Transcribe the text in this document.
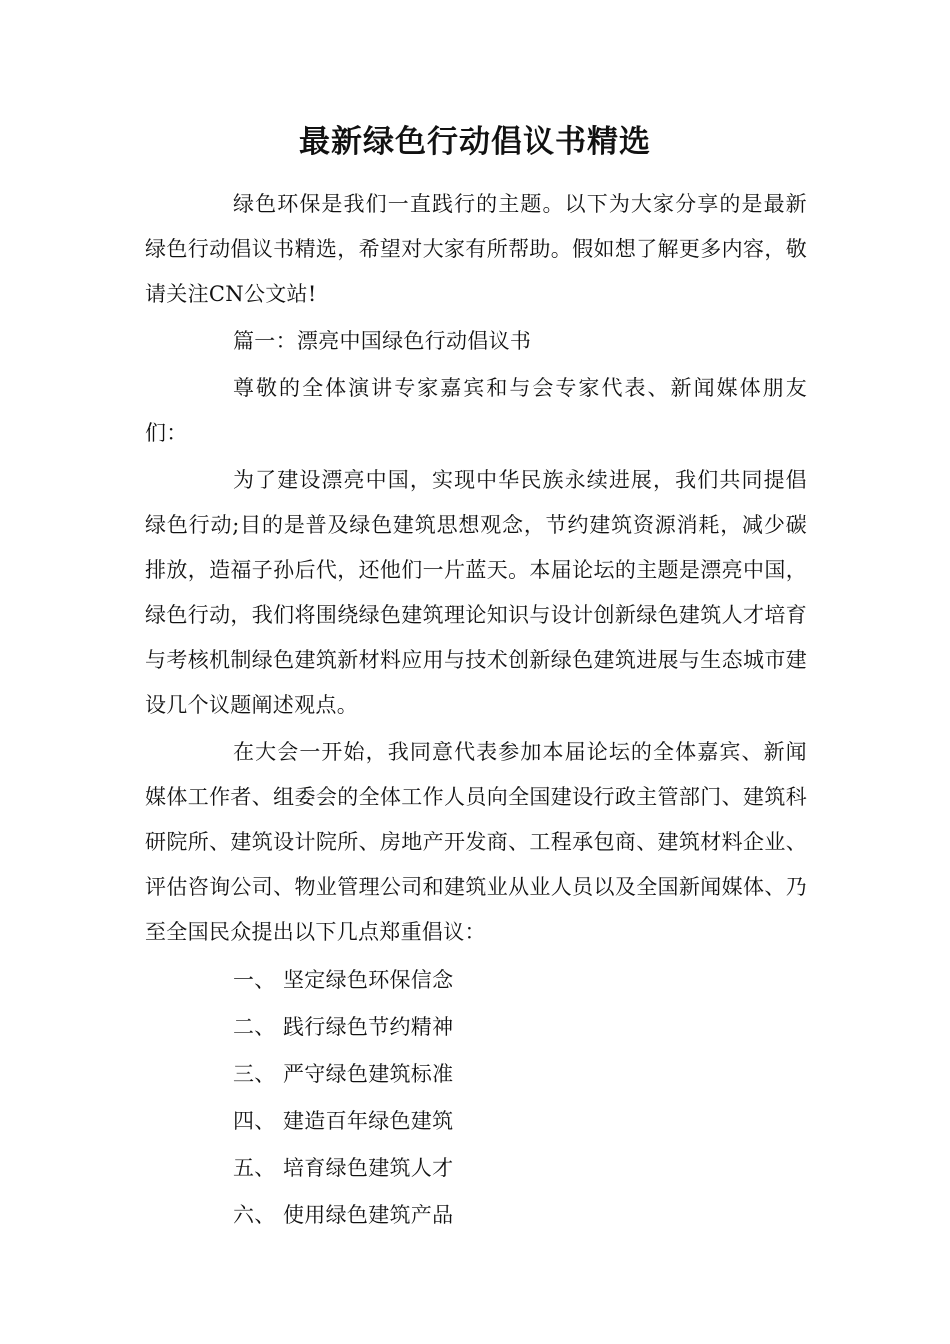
最新绿色行动倡议书精选

绿色环保是我们一直践行的主题。以下为大家分享的是最新绿色行动倡议书精选，希望对大家有所帮助。假如想了解更多内容，敬请关注CN公文站!

篇一：漂亮中国绿色行动倡议书

尊敬的全体演讲专家嘉宾和与会专家代表、新闻媒体朋友们：

为了建设漂亮中国，实现中华民族永续进展，我们共同提倡绿色行动;目的是普及绿色建筑思想观念，节约建筑资源消耗，减少碳排放，造福子孙后代，还他们一片蓝天。本届论坛的主题是漂亮中国，绿色行动，我们将围绕绿色建筑理论知识与设计创新绿色建筑人才培育与考核机制绿色建筑新材料应用与技术创新绿色建筑进展与生态城市建设几个议题阐述观点。

在大会一开始，我同意代表参加本届论坛的全体嘉宾、新闻媒体工作者、组委会的全体工作人员向全国建设行政主管部门、建筑科研院所、建筑设计院所、房地产开发商、工程承包商、建筑材料企业、评估咨询公司、物业管理公司和建筑业从业人员以及全国新闻媒体、乃至全国民众提出以下几点郑重倡议：

一、 坚定绿色环保信念
二、 践行绿色节约精神
三、 严守绿色建筑标准
四、 建造百年绿色建筑
五、 培育绿色建筑人才
六、 使用绿色建筑产品
